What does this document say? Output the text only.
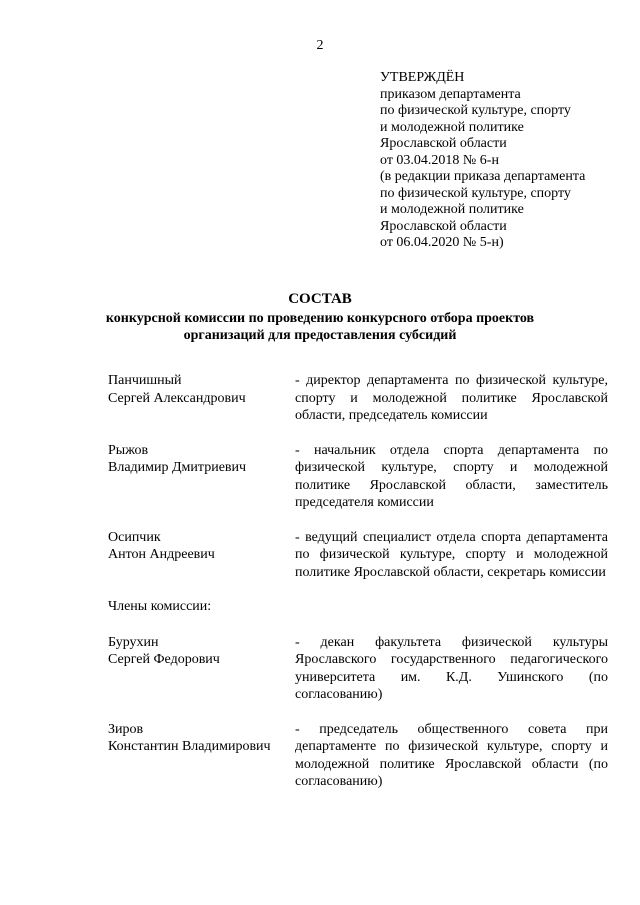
2
УТВЕРЖДЁН
приказом департамента
по физической культуре, спорту
и молодежной политике
Ярославской области
от 03.04.2018 № 6-н
(в редакции приказа департамента
по физической культуре, спорту
и молодежной политике
Ярославской области
от 06.04.2020 № 5-н)
СОСТАВ
конкурсной комиссии по проведению конкурсного отбора проектов
организаций для предоставления субсидий
Панчишный
Сергей Александрович
- директор департамента по физической культуре, спорту и молодежной политике Ярославской области, председатель комиссии
Рыжов
Владимир Дмитриевич
- начальник отдела спорта департамента по физической культуре, спорту и молодежной политике Ярославской области, заместитель председателя комиссии
Осипчик
Антон Андреевич
- ведущий специалист отдела спорта департамента по физической культуре, спорту и молодежной политике Ярославской области, секретарь комиссии
Члены комиссии:
Бурухин
Сергей Федорович
- декан факультета физической культуры Ярославского государственного педагогического университета им. К.Д. Ушинского (по согласованию)
Зиров
Константин Владимирович
- председатель общественного совета при департаменте по физической культуре, спорту и молодежной политике Ярославской области (по согласованию)
